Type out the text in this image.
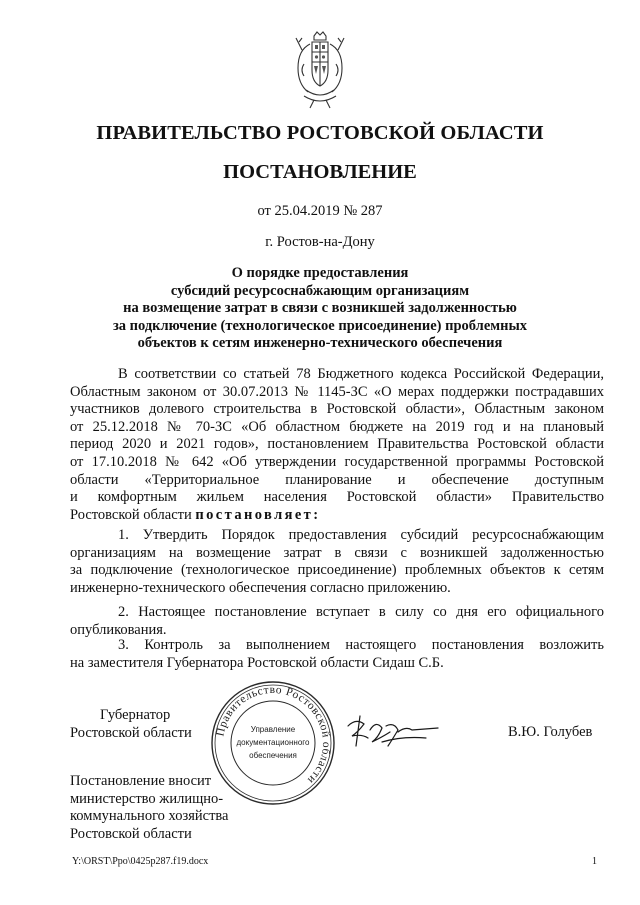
ПРАВИТЕЛЬСТВО РОСТОВСКОЙ ОБЛАСТИ
ПОСТАНОВЛЕНИЕ
от 25.04.2019 № 287
г. Ростов-на-Дону
О порядке предоставления
субсидий ресурсоснабжающим организациям
на возмещение затрат в связи с возникшей задолженностью
за подключение (технологическое присоединение) проблемных
объектов к сетям инженерно-технического обеспечения
В соответствии со статьей 78 Бюджетного кодекса Российской Федерации,
Областным законом от 30.07.2013 № 1145-ЗС «О мерах поддержки пострадавших
участников долевого строительства в Ростовской области», Областным законом
от 25.12.2018 № 70-ЗС «Об областном бюджете на 2019 год и на плановый
период 2020 и 2021 годов», постановлением Правительства Ростовской области
от 17.10.2018 № 642 «Об утверждении государственной программы Ростовской
области «Территориальное планирование и обеспечение доступным
и комфортным жильем населения Ростовской области» Правительство
Ростовской области постановляет:
1. Утвердить Порядок предоставления субсидий ресурсоснабжающим
организациям на возмещение затрат в связи с возникшей задолженностью
за подключение (технологическое присоединение) проблемных объектов к сетям
инженерно-технического обеспечения согласно приложению.
2. Настоящее постановление вступает в силу со дня его официального
опубликования.
3. Контроль за выполнением настоящего постановления возложить
на заместителя Губернатора Ростовской области Сидаш С.Б.
Губернатор
Ростовской области Правительство Ростовской области
Управление
документационного
обеспечения
В.Ю. Голубев
Постановление вносит
министерство жилищно-
коммунального хозяйства
Ростовской области
Y:\ORST\Ppo\0425p287.f19.docx	1
